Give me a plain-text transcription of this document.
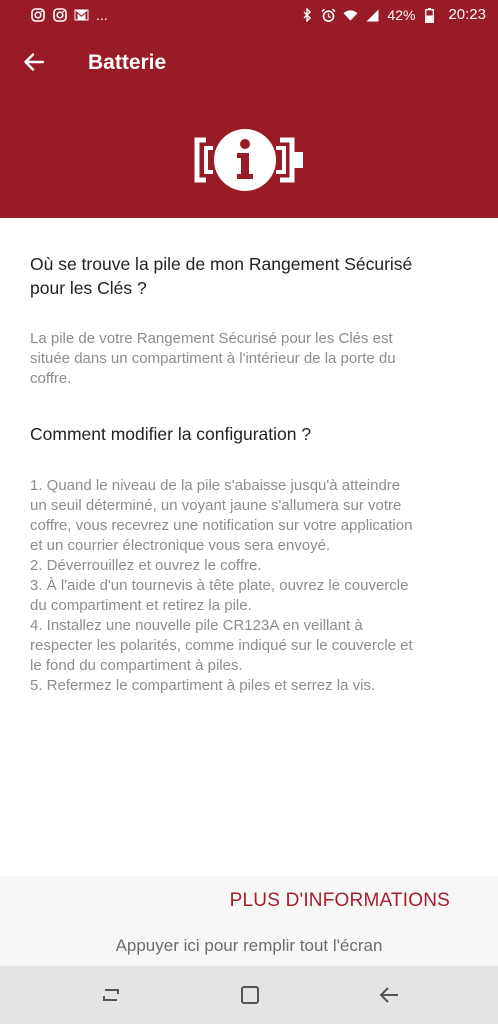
...	42% 20:23
Batterie
Où se trouve la pile de mon Rangement Sécurisé
pour les Clés ?
La pile de votre Rangement Sécurisé pour les Clés est
située dans un compartiment à l'intérieur de la porte du
coffre.
Comment modifier la configuration ?
1. Quand le niveau de la pile s'abaisse jusqu'à atteindre
un seuil déterminé, un voyant jaune s'allumera sur votre
coffre, vous recevrez une notification sur votre application
et un courrier électronique vous sera envoyé.
2. Déverrouillez et ouvrez le coffre.
3. À l'aide d'un tournevis à tête plate, ouvrez le couvercle
du compartiment et retirez la pile.
4. Installez une nouvelle pile CR123A en veillant à
respecter les polarités, comme indiqué sur le couvercle et
le fond du compartiment à piles.
5. Refermez le compartiment à piles et serrez la vis.
PLUS D'INFORMATIONS
Appuyer ici pour remplir tout l'écran
